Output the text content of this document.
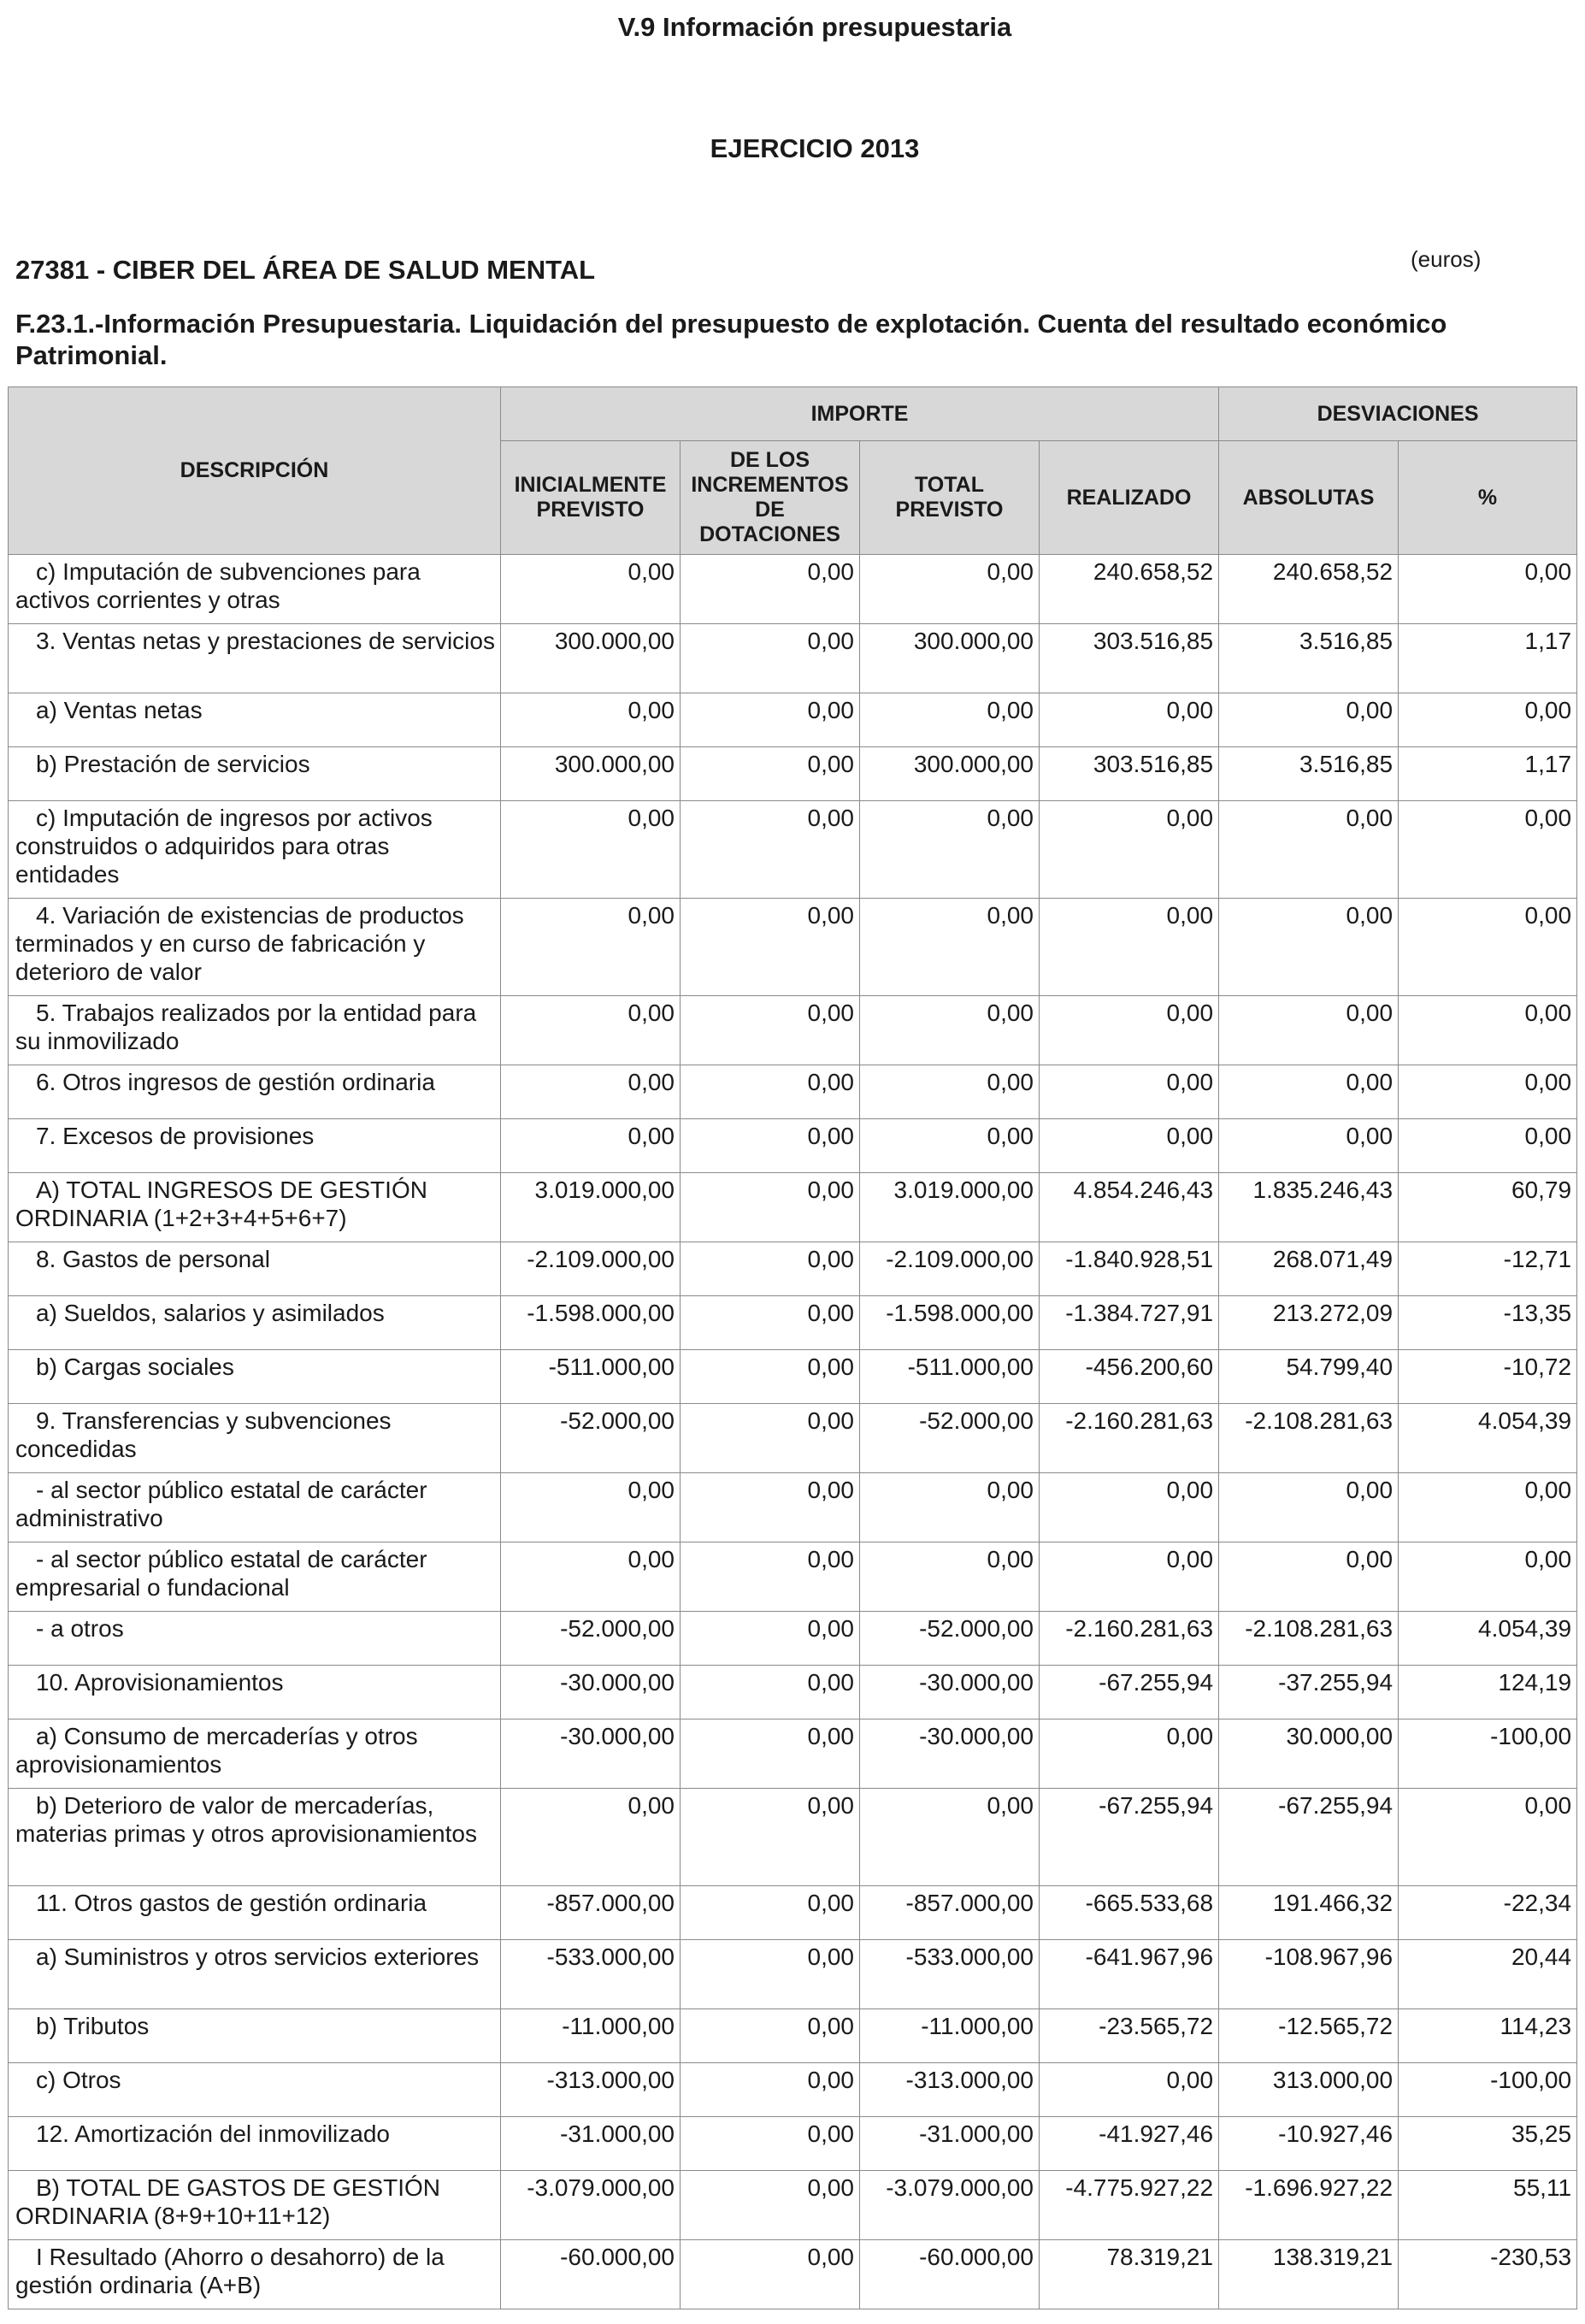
V.9 Información presupuestaria
EJERCICIO 2013
27381 - CIBER DEL ÁREA DE SALUD MENTAL	(euros)
F.23.1.-Información Presupuestaria. Liquidación del presupuesto de explotación. Cuenta del resultado económico Patrimonial.
DESCRIPCIÓN	IMPORTE				DESVIACIONES	
	INICIALMENTE PREVISTO	DE LOS INCREMENTOS DE DOTACIONES	TOTAL PREVISTO	REALIZADO	ABSOLUTAS	%
c) Imputación de subvenciones para activos corrientes y otras	0,00	0,00	0,00	240.658,52	240.658,52	0,00
3. Ventas netas y prestaciones de servicios	300.000,00	0,00	300.000,00	303.516,85	3.516,85	1,17
a) Ventas netas	0,00	0,00	0,00	0,00	0,00	0,00
b) Prestación de servicios	300.000,00	0,00	300.000,00	303.516,85	3.516,85	1,17
c) Imputación de ingresos por activos construidos o adquiridos para otras entidades	0,00	0,00	0,00	0,00	0,00	0,00
4. Variación de existencias de productos terminados y en curso de fabricación y deterioro de valor	0,00	0,00	0,00	0,00	0,00	0,00
5. Trabajos realizados por la entidad para su inmovilizado	0,00	0,00	0,00	0,00	0,00	0,00
6. Otros ingresos de gestión ordinaria	0,00	0,00	0,00	0,00	0,00	0,00
7. Excesos de provisiones	0,00	0,00	0,00	0,00	0,00	0,00
A) TOTAL INGRESOS DE GESTIÓN ORDINARIA (1+2+3+4+5+6+7)	3.019.000,00	0,00	3.019.000,00	4.854.246,43	1.835.246,43	60,79
8. Gastos de personal	-2.109.000,00	0,00	-2.109.000,00	-1.840.928,51	268.071,49	-12,71
a) Sueldos, salarios y asimilados	-1.598.000,00	0,00	-1.598.000,00	-1.384.727,91	213.272,09	-13,35
b) Cargas sociales	-511.000,00	0,00	-511.000,00	-456.200,60	54.799,40	-10,72
9. Transferencias y subvenciones concedidas	-52.000,00	0,00	-52.000,00	-2.160.281,63	-2.108.281,63	4.054,39
- al sector público estatal de carácter administrativo	0,00	0,00	0,00	0,00	0,00	0,00
- al sector público estatal de carácter empresarial o fundacional	0,00	0,00	0,00	0,00	0,00	0,00
- a otros	-52.000,00	0,00	-52.000,00	-2.160.281,63	-2.108.281,63	4.054,39
10. Aprovisionamientos	-30.000,00	0,00	-30.000,00	-67.255,94	-37.255,94	124,19
a) Consumo de mercaderías y otros aprovisionamientos	-30.000,00	0,00	-30.000,00	0,00	30.000,00	-100,00
b) Deterioro de valor de mercaderías, materias primas y otros aprovisionamientos	0,00	0,00	0,00	-67.255,94	-67.255,94	0,00
11. Otros gastos de gestión ordinaria	-857.000,00	0,00	-857.000,00	-665.533,68	191.466,32	-22,34
a) Suministros y otros servicios exteriores	-533.000,00	0,00	-533.000,00	-641.967,96	-108.967,96	20,44
b) Tributos	-11.000,00	0,00	-11.000,00	-23.565,72	-12.565,72	114,23
c) Otros	-313.000,00	0,00	-313.000,00	0,00	313.000,00	-100,00
12. Amortización del inmovilizado	-31.000,00	0,00	-31.000,00	-41.927,46	-10.927,46	35,25
B) TOTAL DE GASTOS DE GESTIÓN ORDINARIA (8+9+10+11+12)	-3.079.000,00	0,00	-3.079.000,00	-4.775.927,22	-1.696.927,22	55,11
I Resultado (Ahorro o desahorro) de la gestión ordinaria (A+B)	-60.000,00	0,00	-60.000,00	78.319,21	138.319,21	-230,53
